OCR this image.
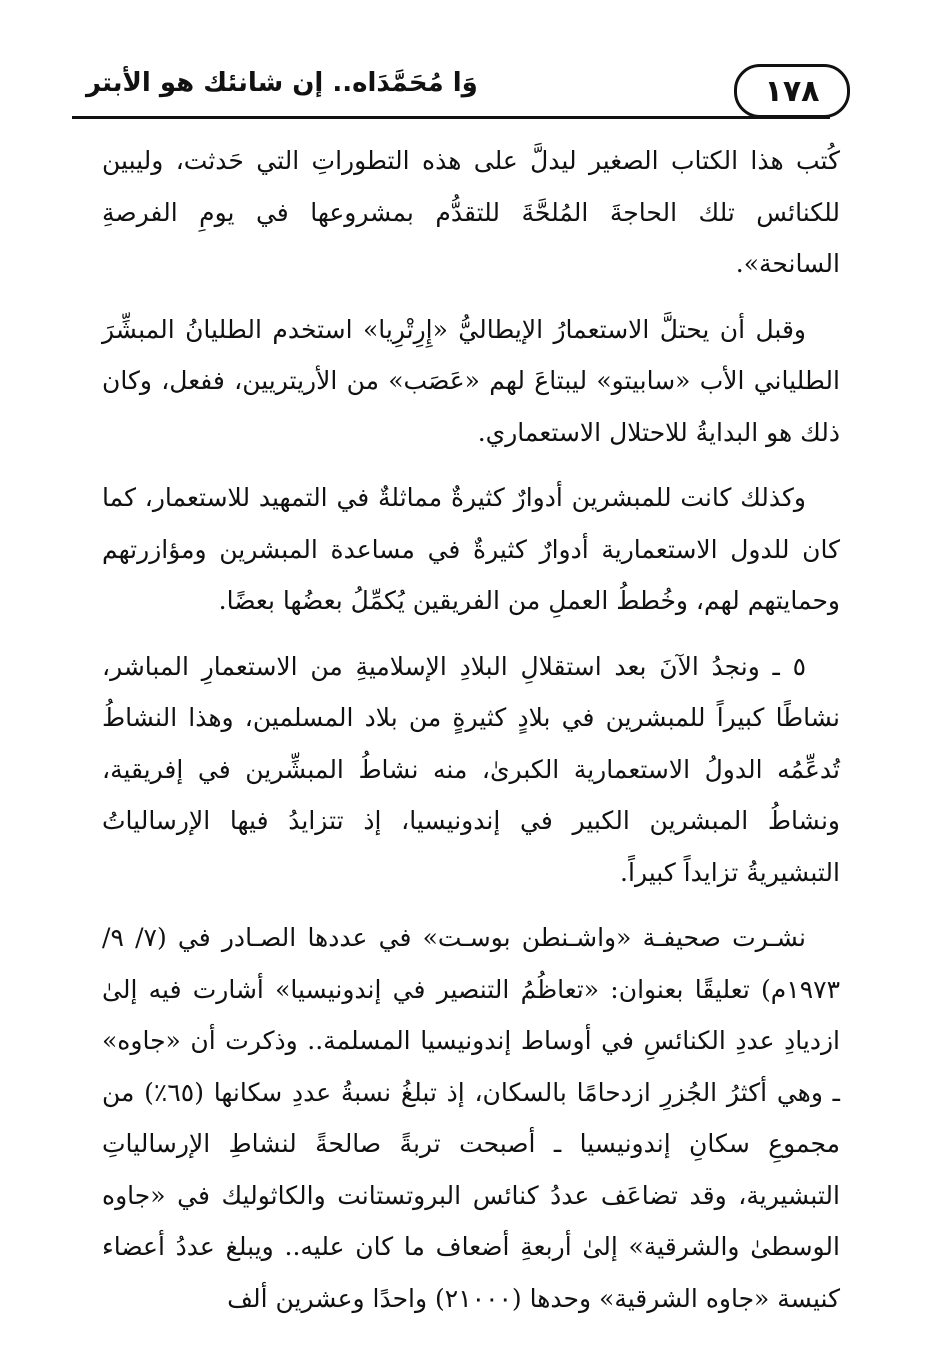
١٧٨
وَا مُحَمَّدَاه.. إن شانئك هو الأبتر

كُتب هذا الكتاب الصغير ليدلَّ على هذه التطوراتِ التي حَدثت، وليبين للكنائس تلك الحاجةَ المُلحَّةَ للتقدُّم بمشروعها في يومِ الفرصةِ السانحة».

وقبل أن يحتلَّ الاستعمارُ الإيطاليُّ «إِرِتْرِيا» استخدم الطليانُ المبشِّرَ الطلياني الأب «سابيتو» ليبتاعَ لهم «عَصَب» من الأريتريين، ففعل، وكان ذلك هو البدايةُ للاحتلال الاستعماري.

وكذلك كانت للمبشرين أدوارٌ كثيرةٌ مماثلةٌ في التمهيد للاستعمار، كما كان للدول الاستعمارية أدوارٌ كثيرةٌ في مساعدة المبشرين ومؤازرتهم وحمايتهم لهم، وخُططُ العملِ من الفريقين يُكمِّلُ بعضُها بعضًا.

٥ ـ ونجدُ الآنَ بعد استقلالِ البلادِ الإسلاميةِ من الاستعمارِ المباشر، نشاطًا كبيراً للمبشرين في بلادٍ كثيرةٍ من بلاد المسلمين، وهذا النشاطُ تُدعِّمُه الدولُ الاستعمارية الكبرىٰ، منه نشاطُ المبشِّرين في إفريقية، ونشاطُ المبشرين الكبير في إندونيسيا، إذ تتزايدُ فيها الإرسالياتُ التبشيريةُ تزايداً كبيراً.

نشـرت صحيفـة «واشـنطن بوسـت» في عددها الصـادر في (٧/ ٩/ ١٩٧٣م) تعليقًا بعنوان: «تعاظُمُ التنصير في إندونيسيا» أشارت فيه إلىٰ ازديادِ عددِ الكنائسِ في أوساط إندونيسيا المسلمة.. وذكرت أن «جاوه» ـ وهي أكثرُ الجُزرِ ازدحامًا بالسكان، إذ تبلغُ نسبةُ عددِ سكانها (٦٥٪) من مجموعِ سكانِ إندونيسيا ـ أصبحت تربةً صالحةً لنشاطِ الإرسالياتِ التبشيرية، وقد تضاعَف عددُ كنائس البروتستانت والكاثوليك في «جاوه الوسطىٰ والشرقية» إلىٰ أربعةِ أضعاف ما كان عليه.. ويبلغ عددُ أعضاء كنيسة «جاوه الشرقية» وحدها (٢١٠٠٠) واحدًا وعشرين ألف
